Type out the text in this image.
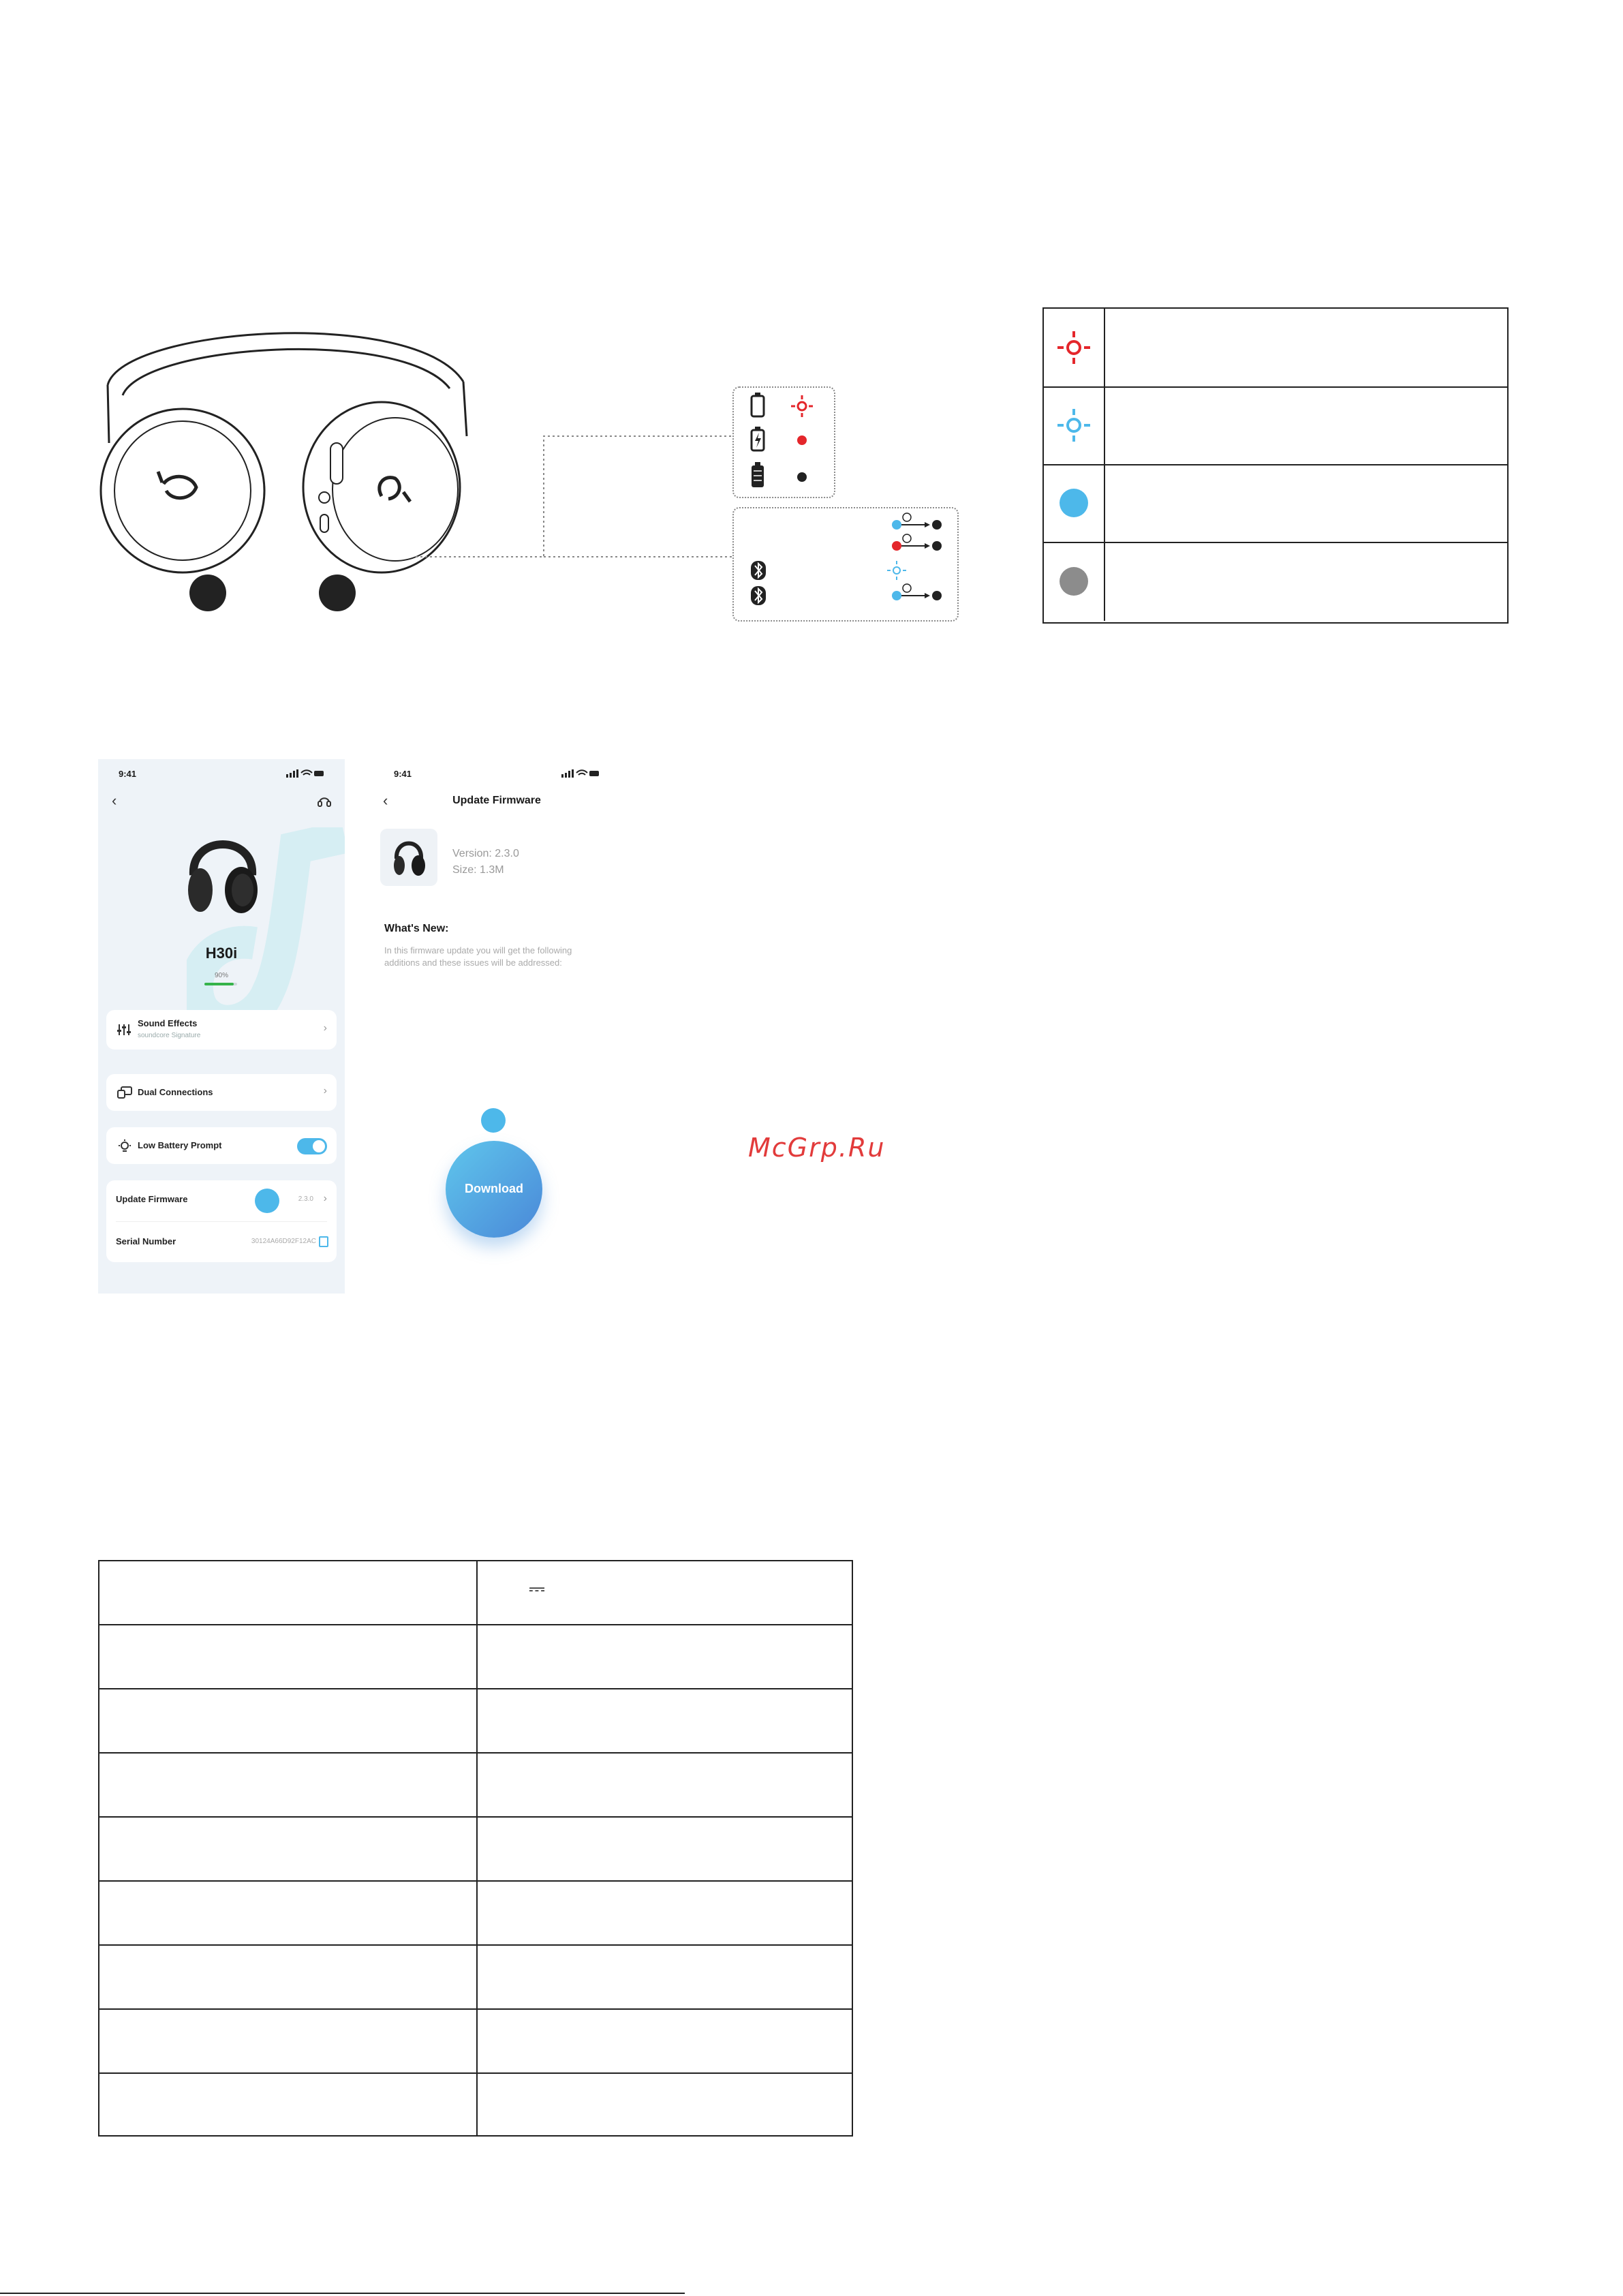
9:41
‹
H30i
90%
Sound Effects
soundcore Signature
›
Dual Connections	›
Low Battery Prompt
Update Firmware	2.3.0 ›
Serial Number	30124A66D92F12AC
9:41
‹	Update Firmware
Version: 2.3.0
Size: 1.3M
What's New:
In this firmware update you will get the following additions and these issues will be addressed:
Download
McGrp.Ru
⎓
